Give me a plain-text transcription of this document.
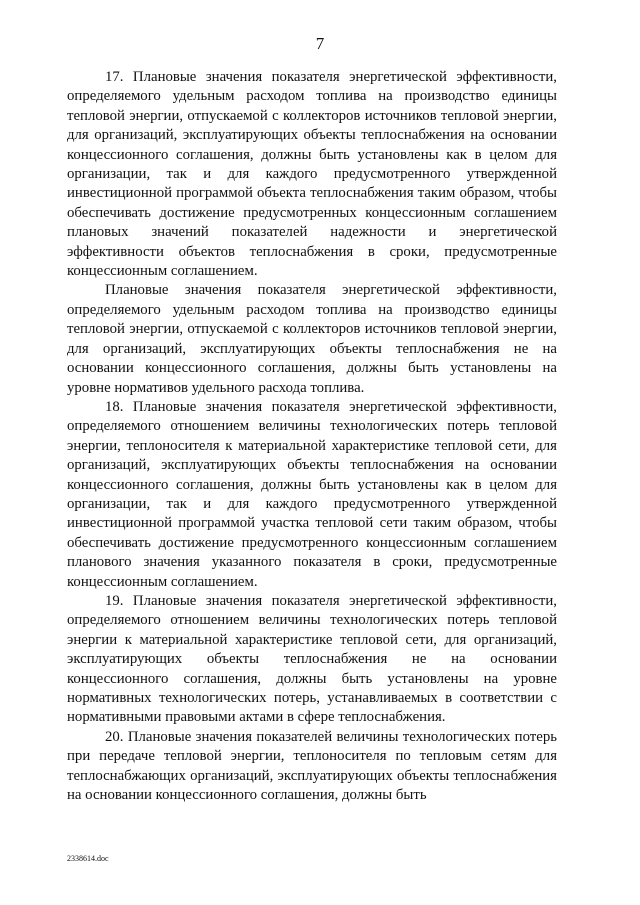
7

17. Плановые значения показателя энергетической эффективности, определяемого удельным расходом топлива на производство единицы тепловой энергии, отпускаемой с коллекторов источников тепловой энергии, для организаций, эксплуатирующих объекты теплоснабжения на основании концессионного соглашения, должны быть установлены как в целом для организации, так и для каждого предусмотренного утвержденной инвестиционной программой объекта теплоснабжения таким образом, чтобы обеспечивать достижение предусмотренных концессионным соглашением плановых значений показателей надежности и энергетической эффективности объектов теплоснабжения в сроки, предусмотренные концессионным соглашением.

Плановые значения показателя энергетической эффективности, определяемого удельным расходом топлива на производство единицы тепловой энергии, отпускаемой с коллекторов источников тепловой энергии, для организаций, эксплуатирующих объекты теплоснабжения не на основании концессионного соглашения, должны быть установлены на уровне нормативов удельного расхода топлива.

18. Плановые значения показателя энергетической эффективности, определяемого отношением величины технологических потерь тепловой энергии, теплоносителя к материальной характеристике тепловой сети, для организаций, эксплуатирующих объекты теплоснабжения на основании концессионного соглашения, должны быть установлены как в целом для организации, так и для каждого предусмотренного утвержденной инвестиционной программой участка тепловой сети таким образом, чтобы обеспечивать достижение предусмотренного концессионным соглашением планового значения указанного показателя в сроки, предусмотренные концессионным соглашением.

19. Плановые значения показателя энергетической эффективности, определяемого отношением величины технологических потерь тепловой энергии к материальной характеристике тепловой сети, для организаций, эксплуатирующих объекты теплоснабжения не на основании концессионного соглашения, должны быть установлены на уровне нормативных технологических потерь, устанавливаемых в соответствии с нормативными правовыми актами в сфере теплоснабжения.

20. Плановые значения показателей величины технологических потерь при передаче тепловой энергии, теплоносителя по тепловым сетям для теплоснабжающих организаций, эксплуатирующих объекты теплоснабжения на основании концессионного соглашения, должны быть

2338614.doc
